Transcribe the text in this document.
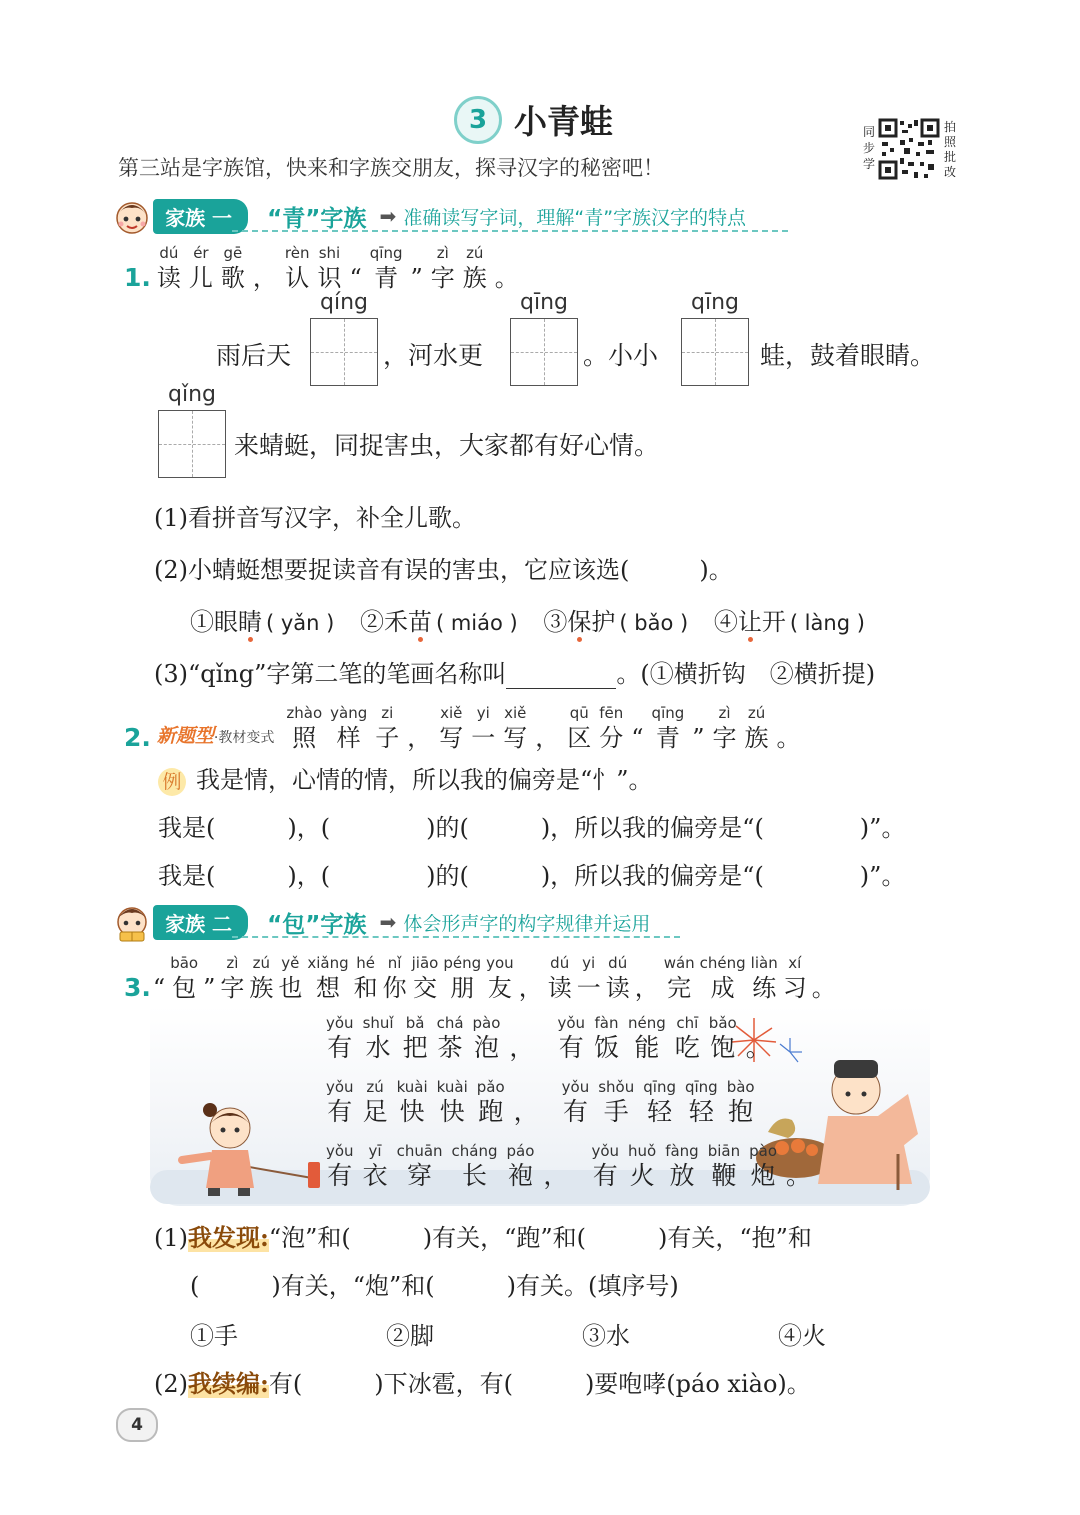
3 小青蛙
第三站是字族馆，快来和字族交朋友，探寻汉字的秘密吧！
同
步
学
拍
照
批
改
家族 一 “青”字族 ➡ 准确读写字词，理解“青”字族汉字的特点
1.
dú
读
ér
儿
gē
歌 ，
rèn
认
shi
识 “
qīng
青 ”
zì
字
zú
族 。
qíng	qīng	qīng
qǐng
雨后天	，河水更	。小小	蛙，鼓着眼睛。
来蜻蜓，同捉害虫，大家都有好心情。
(1)看拼音写汉字，补全儿歌。
(2)小蜻蜓想要捉读音有误的害虫，它应该选(	)。
①眼睛 ( yǎn ) ②禾苗 ( miáo ) ③保护 ( bǎo ) ④让开 ( làng )
(3)“qǐng”字第二笔的笔画名称叫	。(①横折钩　②横折提)
2. 新题型·教材变式
zhào
照
yàng
样
zi
子 ，
xiě
写
yi
一
xiě
写 ，
qū
区
fēn
分 “
qīng
青 ”
zì
字
zú
族 。
例 我是情，心情的情，所以我的偏旁是“忄”。
我是(　　　)，(　　　　)的(　　　)，所以我的偏旁是“(　　　　)”。
我是(　　　)，(　　　　)的(　　　)，所以我的偏旁是“(　　　　)”。
家族 二 “包”字族 ➡ 体会形声字的构字规律并运用
3. “
bāo
包 ”
zì
字
zú
族
yě
也
xiǎng
想
hé
和
nǐ
你
jiāo
交
péng
朋
you
友 ，
dú
读
yi
一
dú
读 ，
wán
完
chéng
成
liàn
练
xí
习 。
yǒu
有
shuǐ
水
bǎ
把
chá
茶
pào
泡 ，
yǒu
有
fàn
饭
néng
能
chī
吃
bǎo
饱 。
yǒu
有
zú
足
kuài
快
kuài
快
pǎo
跑 ，
yǒu
有
shǒu
手
qīng
轻
qīng
轻
bào
抱
yǒu
有
yī
衣
chuān
穿
cháng
长
páo
袍 ，
yǒu
有
huǒ
火
fàng
放
biān
鞭
pào
炮 。
(1)我发现:“泡”和(　　　)有关，“跑”和(　　　)有关，“抱”和
(　　　)有关，“炮”和(　　　)有关。(填序号)
①手	②脚	③水	④火
(2)我续编:有(　　　)下冰雹，有(　　　)要咆哮(páo xiào)。
4
